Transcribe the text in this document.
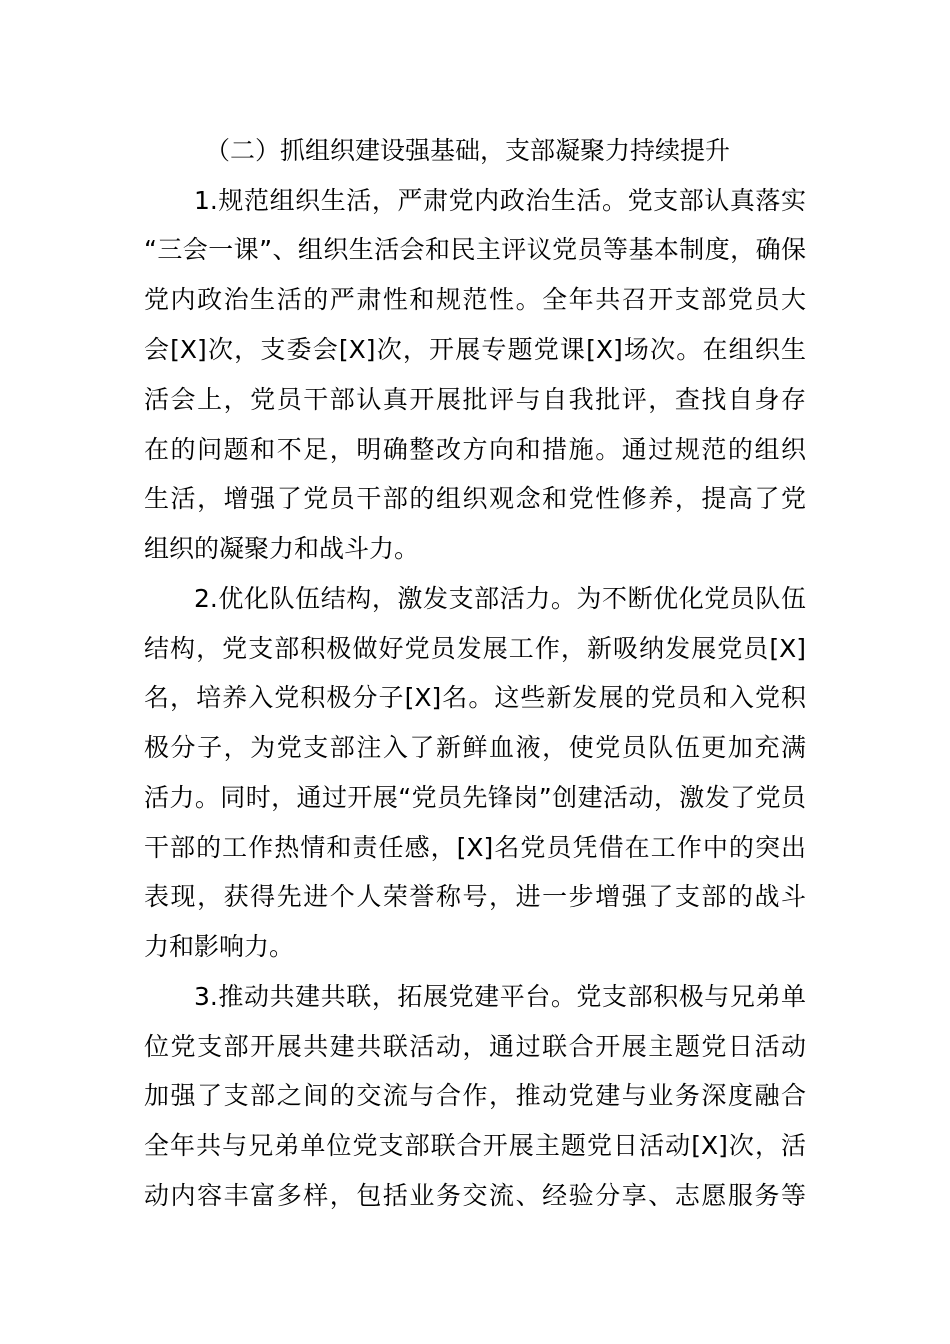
（二）抓组织建设强基础，支部凝聚力持续提升
1.规范组织生活，严肃党内政治生活。党支部认真落实
“三会一课”、组织生活会和民主评议党员等基本制度，确保
党内政治生活的严肃性和规范性。全年共召开支部党员大
会[X]次，支委会[X]次，开展专题党课[X]场次。在组织生
活会上，党员干部认真开展批评与自我批评，查找自身存
在的问题和不足，明确整改方向和措施。通过规范的组织
生活，增强了党员干部的组织观念和党性修养，提高了党
组织的凝聚力和战斗力。
2.优化队伍结构，激发支部活力。为不断优化党员队伍
结构，党支部积极做好党员发展工作，新吸纳发展党员[X]
名，培养入党积极分子[X]名。这些新发展的党员和入党积
极分子，为党支部注入了新鲜血液，使党员队伍更加充满
活力。同时，通过开展“党员先锋岗”创建活动，激发了党员
干部的工作热情和责任感，[X]名党员凭借在工作中的突出
表现，获得先进个人荣誉称号，进一步增强了支部的战斗
力和影响力。
3.推动共建共联，拓展党建平台。党支部积极与兄弟单
位党支部开展共建共联活动，通过联合开展主题党日活动
加强了支部之间的交流与合作，推动党建与业务深度融合
全年共与兄弟单位党支部联合开展主题党日活动[X]次，活
动内容丰富多样，包括业务交流、经验分享、志愿服务等
